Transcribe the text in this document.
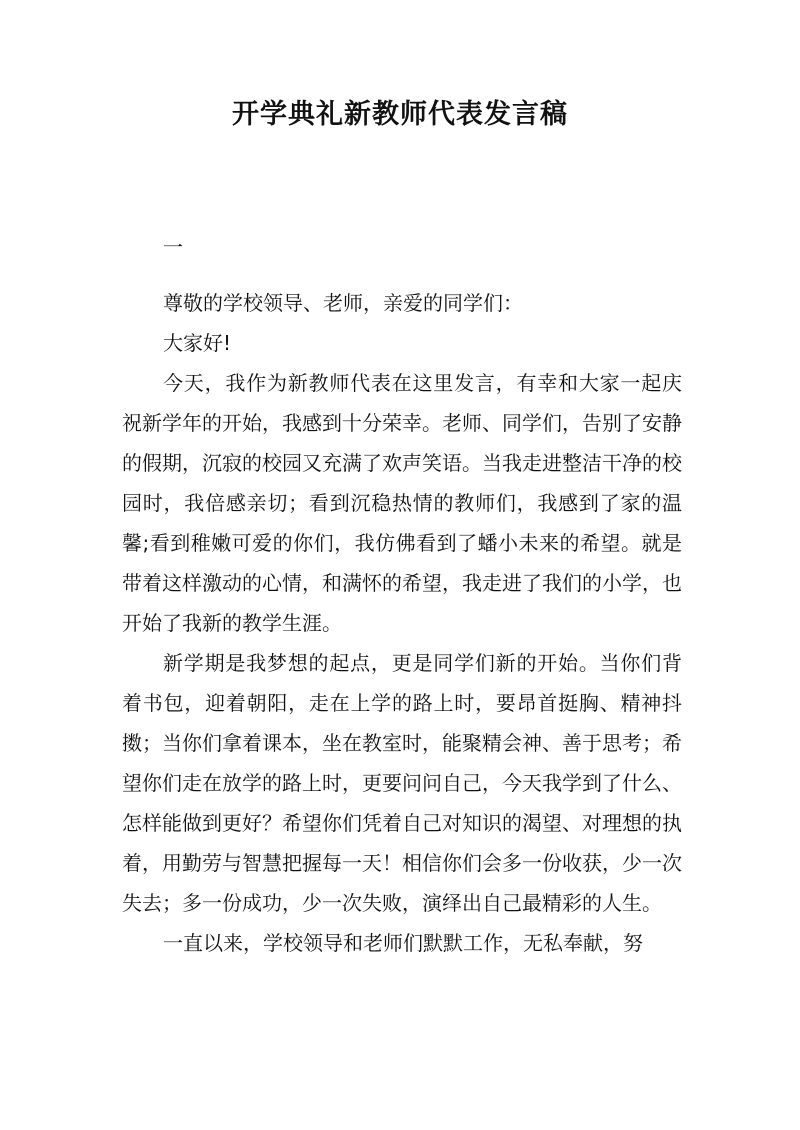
开学典礼新教师代表发言稿
一

尊敬的学校领导、老师，亲爱的同学们：

大家好!

今天，我作为新教师代表在这里发言，有幸和大家一起庆祝新学年的开始，我感到十分荣幸。老师、同学们，告别了安静的假期，沉寂的校园又充满了欢声笑语。当我走进整洁干净的校园时，我倍感亲切；看到沉稳热情的教师们，我感到了家的温馨;看到稚嫩可爱的你们，我仿佛看到了蟠小未来的希望。就是带着这样激动的心情，和满怀的希望，我走进了我们的小学，也开始了我新的教学生涯。

新学期是我梦想的起点，更是同学们新的开始。当你们背着书包，迎着朝阳，走在上学的路上时，要昂首挺胸、精神抖擞；当你们拿着课本，坐在教室时，能聚精会神、善于思考；希望你们走在放学的路上时，更要问问自己，今天我学到了什么、怎样能做到更好？希望你们凭着自己对知识的渴望、对理想的执着，用勤劳与智慧把握每一天！相信你们会多一份收获，少一次失去；多一份成功，少一次失败，演绎出自己最精彩的人生。

一直以来，学校领导和老师们默默工作，无私奉献，努
